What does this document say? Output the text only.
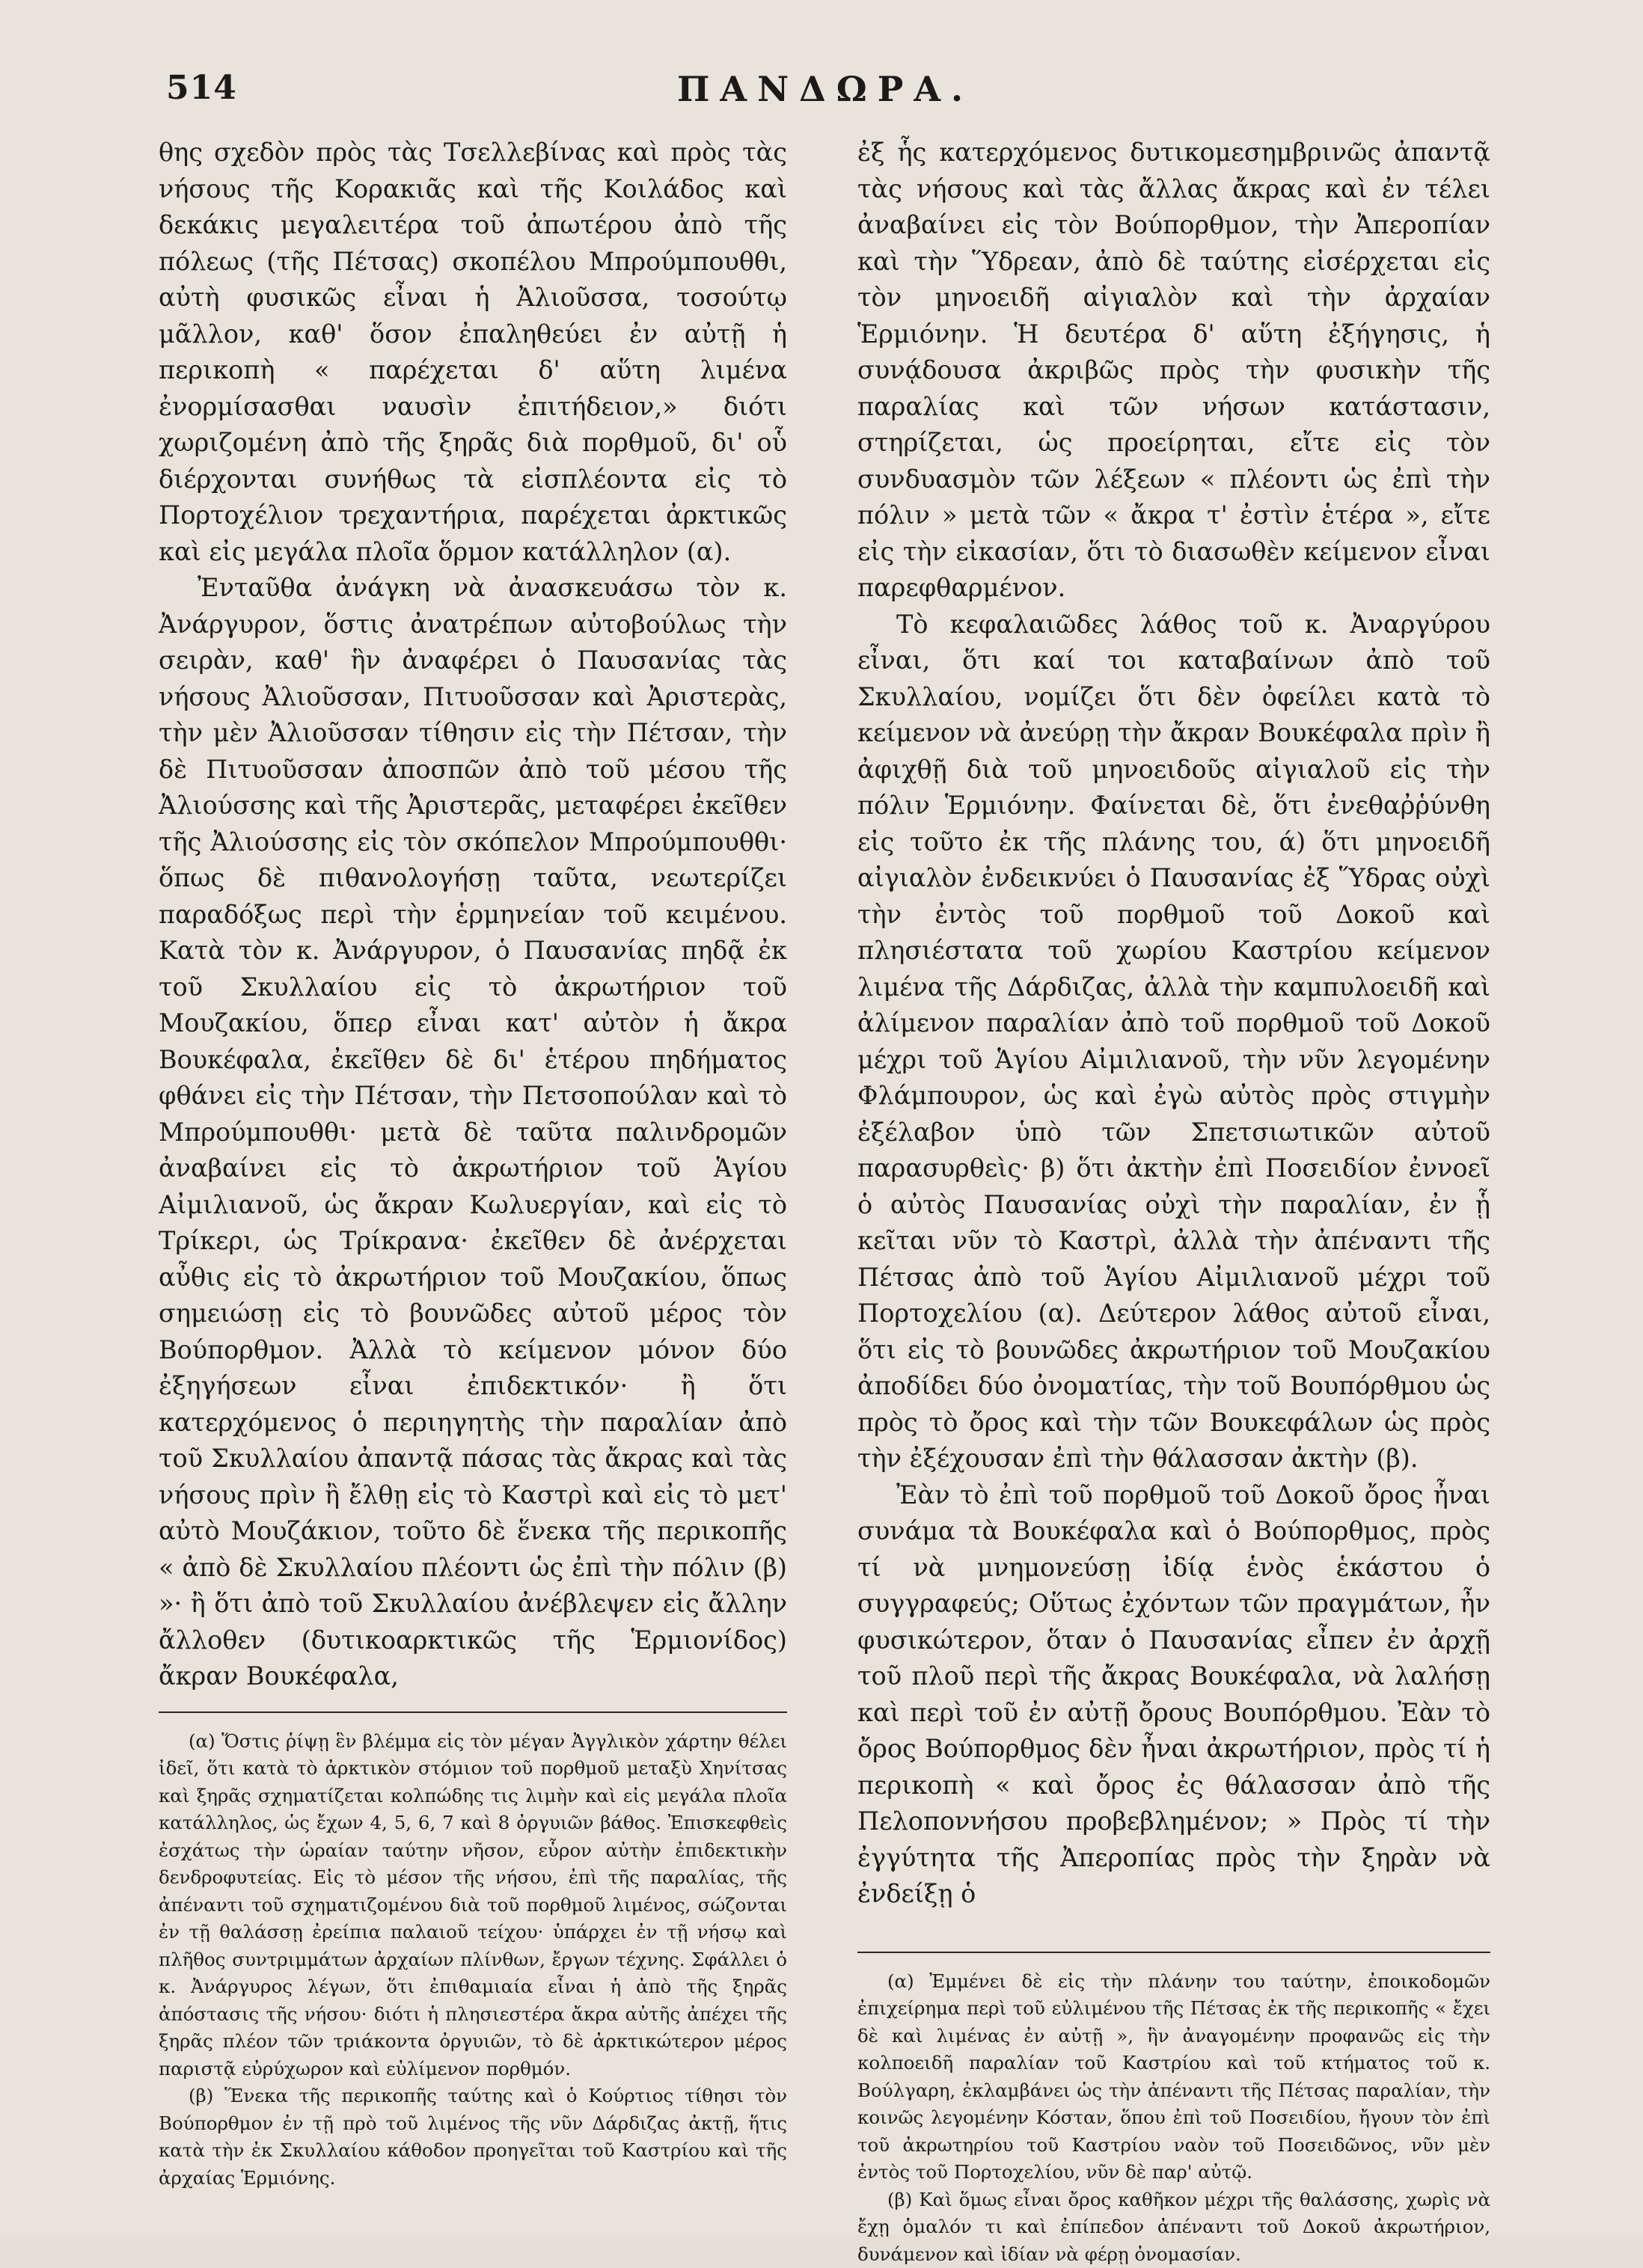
514	ΠΑΝΔΩΡΑ.

θης σχεδὸν πρὸς τὰς Τσελλεβίνας καὶ πρὸς τὰς νήσους τῆς Κορακιᾶς καὶ τῆς Κοιλάδος καὶ δεκάκις μεγαλειτέρα τοῦ ἀπωτέρου ἀπὸ τῆς πόλεως (τῆς Πέτσας) σκοπέλου Μπρούμπουθθι, αὐτὴ φυσικῶς εἶναι ἡ Ἀλιοῦσσα, τοσούτῳ μᾶλλον, καθ' ὅσον ἐπαληθεύει ἐν αὐτῇ ἡ περικοπὴ « παρέχεται δ' αὕτη λιμένα ἐνορμίσασθαι ναυσὶν ἐπιτήδειον,» διότι χωριζομένη ἀπὸ τῆς ξηρᾶς διὰ πορθμοῦ, δι' οὗ διέρχονται συνήθως τὰ εἰσπλέοντα εἰς τὸ Πορτοχέλιον τρεχαντήρια, παρέχεται ἀρκτικῶς καὶ εἰς μεγάλα πλοῖα ὅρμον κατάλληλον (α).

Ἐνταῦθα ἀνάγκη νὰ ἀνασκευάσω τὸν κ. Ἀνάργυρον, ὅστις ἀνατρέπων αὐτοβούλως τὴν σειρὰν, καθ' ἣν ἀναφέρει ὁ Παυσανίας τὰς νήσους Ἀλιοῦσσαν, Πιτυοῦσσαν καὶ Ἀριστερὰς, τὴν μὲν Ἀλιοῦσσαν τίθησιν εἰς τὴν Πέτσαν, τὴν δὲ Πιτυοῦσσαν ἀποσπῶν ἀπὸ τοῦ μέσου τῆς Ἀλιούσσης καὶ τῆς Ἀριστερᾶς, μεταφέρει ἐκεῖθεν τῆς Ἀλιούσσης εἰς τὸν σκόπελον Μπρούμπουθθι· ὅπως δὲ πιθανολογήσῃ ταῦτα, νεωτερίζει παραδόξως περὶ τὴν ἑρμηνείαν τοῦ κειμένου. Κατὰ τὸν κ. Ἀνάργυρον, ὁ Παυσανίας πηδᾷ ἐκ τοῦ Σκυλλαίου εἰς τὸ ἀκρωτήριον τοῦ Μουζακίου, ὅπερ εἶναι κατ' αὐτὸν ἡ ἄκρα Βουκέφαλα, ἐκεῖθεν δὲ δι' ἑτέρου πηδήματος φθάνει εἰς τὴν Πέτσαν, τὴν Πετσοπούλαν καὶ τὸ Μπρούμπουθθι· μετὰ δὲ ταῦτα παλινδρομῶν ἀναβαίνει εἰς τὸ ἀκρωτήριον τοῦ Ἁγίου Αἰμιλιανοῦ, ὡς ἄκραν Κωλυεργίαν, καὶ εἰς τὸ Τρίκερι, ὡς Τρίκρανα· ἐκεῖθεν δὲ ἀνέρχεται αὖθις εἰς τὸ ἀκρωτήριον τοῦ Μουζακίου, ὅπως σημειώσῃ εἰς τὸ βουνῶδες αὐτοῦ μέρος τὸν Βούπορθμον. Ἀλλὰ τὸ κείμενον μόνον δύο ἐξηγήσεων εἶναι ἐπιδεκτικόν· ἢ ὅτι κατερχόμενος ὁ περιηγητὴς τὴν παραλίαν ἀπὸ τοῦ Σκυλλαίου ἀπαντᾷ πάσας τὰς ἄκρας καὶ τὰς νήσους πρὶν ἢ ἔλθῃ εἰς τὸ Καστρὶ καὶ εἰς τὸ μετ' αὐτὸ Μουζάκιον, τοῦτο δὲ ἕνεκα τῆς περικοπῆς « ἀπὸ δὲ Σκυλλαίου πλέοντι ὡς ἐπὶ τὴν πόλιν (β) »· ἢ ὅτι ἀπὸ τοῦ Σκυλλαίου ἀνέβλεψεν εἰς ἄλλην ἄλλοθεν (δυτικοαρκτικῶς τῆς Ἑρμιονίδος) ἄκραν Βουκέφαλα,

(α) Ὅστις ῥίψῃ ἓν βλέμμα εἰς τὸν μέγαν Ἀγγλικὸν χάρτην θέλει ἰδεῖ, ὅτι κατὰ τὸ ἀρκτικὸν στόμιον τοῦ πορθμοῦ μεταξὺ Χηνίτσας καὶ ξηρᾶς σχηματίζεται κολπώδης τις λιμὴν καὶ εἰς μεγάλα πλοῖα κατάλληλος, ὡς ἔχων 4, 5, 6, 7 καὶ 8 ὀργυιῶν βάθος. Ἐπισκεφθεὶς ἐσχάτως τὴν ὡραίαν ταύτην νῆσον, εὗρον αὐτὴν ἐπιδεκτικὴν δενδροφυτείας. Εἰς τὸ μέσον τῆς νήσου, ἐπὶ τῆς παραλίας, τῆς ἀπέναντι τοῦ σχηματιζομένου διὰ τοῦ πορθμοῦ λιμένος, σώζονται ἐν τῇ θαλάσσῃ ἐρείπια παλαιοῦ τείχου· ὑπάρχει ἐν τῇ νήσῳ καὶ πλῆθος συντριμμάτων ἀρχαίων πλίνθων, ἔργων τέχνης. Σφάλλει ὁ κ. Ἀνάργυρος λέγων, ὅτι ἐπιθαμιαία εἶναι ἡ ἀπὸ τῆς ξηρᾶς ἀπόστασις τῆς νήσου· διότι ἡ πλησιεστέρα ἄκρα αὐτῆς ἀπέχει τῆς ξηρᾶς πλέον τῶν τριάκοντα ὀργυιῶν, τὸ δὲ ἀρκτικώτερον μέρος παριστᾷ εὐρύχωρον καὶ εὐλίμενον πορθμόν.

(β) Ἕνεκα τῆς περικοπῆς ταύτης καὶ ὁ Κούρτιος τίθησι τὸν Βούπορθμον ἐν τῇ πρὸ τοῦ λιμένος τῆς νῦν Δάρδιζας ἀκτῇ, ἥτις κατὰ τὴν ἐκ Σκυλλαίου κάθοδον προηγεῖται τοῦ Καστρίου καὶ τῆς ἀρχαίας Ἑρμιόνης.

ἐξ ἧς κατερχόμενος δυτικομεσημβρινῶς ἀπαντᾷ τὰς νήσους καὶ τὰς ἄλλας ἄκρας καὶ ἐν τέλει ἀναβαίνει εἰς τὸν Βούπορθμον, τὴν Ἀπεροπίαν καὶ τὴν Ὕδρεαν, ἀπὸ δὲ ταύτης εἰσέρχεται εἰς τὸν μηνοειδῆ αἰγιαλὸν καὶ τὴν ἀρχαίαν Ἑρμιόνην. Ἡ δευτέρα δ' αὕτη ἐξήγησις, ἡ συνᾴδουσα ἀκριβῶς πρὸς τὴν φυσικὴν τῆς παραλίας καὶ τῶν νήσων κατάστασιν, στηρίζεται, ὡς προείρηται, εἴτε εἰς τὸν συνδυασμὸν τῶν λέξεων « πλέοντι ὡς ἐπὶ τὴν πόλιν » μετὰ τῶν « ἄκρα τ' ἐστὶν ἑτέρα », εἴτε εἰς τὴν εἰκασίαν, ὅτι τὸ διασωθὲν κείμενον εἶναι παρεφθαρμένον.

Τὸ κεφαλαιῶδες λάθος τοῦ κ. Ἀναργύρου εἶναι, ὅτι καί τοι καταβαίνων ἀπὸ τοῦ Σκυλλαίου, νομίζει ὅτι δὲν ὀφείλει κατὰ τὸ κείμενον νὰ ἀνεύρῃ τὴν ἄκραν Βουκέφαλα πρὶν ἢ ἀφιχθῇ διὰ τοῦ μηνοειδοῦς αἰγιαλοῦ εἰς τὴν πόλιν Ἑρμιόνην. Φαίνεται δὲ, ὅτι ἐνεθαῤῥύνθη εἰς τοῦτο ἐκ τῆς πλάνης του, ά) ὅτι μηνοειδῆ αἰγιαλὸν ἐνδεικνύει ὁ Παυσανίας ἐξ Ὕδρας οὐχὶ τὴν ἐντὸς τοῦ πορθμοῦ τοῦ Δοκοῦ καὶ πλησιέστατα τοῦ χωρίου Καστρίου κείμενον λιμένα τῆς Δάρδιζας, ἀλλὰ τὴν καμπυλοειδῆ καὶ ἀλίμενον παραλίαν ἀπὸ τοῦ πορθμοῦ τοῦ Δοκοῦ μέχρι τοῦ Ἁγίου Αἰμιλιανοῦ, τὴν νῦν λεγομένην Φλάμπουρον, ὡς καὶ ἐγὼ αὐτὸς πρὸς στιγμὴν ἐξέλαβον ὑπὸ τῶν Σπετσιωτικῶν αὐτοῦ παρασυρθεὶς· β) ὅτι ἀκτὴν ἐπὶ Ποσειδίον ἐννοεῖ ὁ αὐτὸς Παυσανίας οὐχὶ τὴν παραλίαν, ἐν ᾗ κεῖται νῦν τὸ Καστρὶ, ἀλλὰ τὴν ἀπέναντι τῆς Πέτσας ἀπὸ τοῦ Ἁγίου Αἰμιλιανοῦ μέχρι τοῦ Πορτοχελίου (α). Δεύτερον λάθος αὐτοῦ εἶναι, ὅτι εἰς τὸ βουνῶδες ἀκρωτήριον τοῦ Μουζακίου ἀποδίδει δύο ὀνοματίας, τὴν τοῦ Βουπόρθμου ὡς πρὸς τὸ ὄρος καὶ τὴν τῶν Βουκεφάλων ὡς πρὸς τὴν ἐξέχουσαν ἐπὶ τὴν θάλασσαν ἀκτὴν (β).

Ἐὰν τὸ ἐπὶ τοῦ πορθμοῦ τοῦ Δοκοῦ ὄρος ἦναι συνάμα τὰ Βουκέφαλα καὶ ὁ Βούπορθμος, πρὸς τί νὰ μνημονεύσῃ ἰδίᾳ ἑνὸς ἑκάστου ὁ συγγραφεύς; Οὕτως ἐχόντων τῶν πραγμάτων, ἦν φυσικώτερον, ὅταν ὁ Παυσανίας εἶπεν ἐν ἀρχῇ τοῦ πλοῦ περὶ τῆς ἄκρας Βουκέφαλα, νὰ λαλήσῃ καὶ περὶ τοῦ ἐν αὐτῇ ὄρους Βουπόρθμου. Ἐὰν τὸ ὄρος Βούπορθμος δὲν ἦναι ἀκρωτήριον, πρὸς τί ἡ περικοπὴ « καὶ ὄρος ἐς θάλασσαν ἀπὸ τῆς Πελοποννήσου προβεβλημένον; » Πρὸς τί τὴν ἐγγύτητα τῆς Ἀπεροπίας πρὸς τὴν ξηρὰν νὰ ἐνδείξῃ ὁ

(α) Ἐμμένει δὲ εἰς τὴν πλάνην του ταύτην, ἐποικοδομῶν ἐπιχείρημα περὶ τοῦ εὐλιμένου τῆς Πέτσας ἐκ τῆς περικοπῆς « ἔχει δὲ καὶ λιμένας ἐν αὐτῇ », ἣν ἀναγομένην προφανῶς εἰς τὴν κολποειδῆ παραλίαν τοῦ Καστρίου καὶ τοῦ κτήματος τοῦ κ. Βούλγαρη, ἐκλαμβάνει ὡς τὴν ἀπέναντι τῆς Πέτσας παραλίαν, τὴν κοινῶς λεγομένην Κόσταν, ὅπου ἐπὶ τοῦ Ποσειδίου, ἤγουν τὸν ἐπὶ τοῦ ἀκρωτηρίου τοῦ Καστρίου ναὸν τοῦ Ποσειδῶνος, νῦν μὲν ἐντὸς τοῦ Πορτοχελίου, νῦν δὲ παρ' αὐτῷ.

(β) Καὶ ὅμως εἶναι ὄρος καθῆκον μέχρι τῆς θαλάσσης, χωρὶς νὰ ἔχῃ ὁμαλόν τι καὶ ἐπίπεδον ἀπέναντι τοῦ Δοκοῦ ἀκρωτήριον, δυνάμενον καὶ ἰδίαν νὰ φέρῃ ὀνομασίαν.
